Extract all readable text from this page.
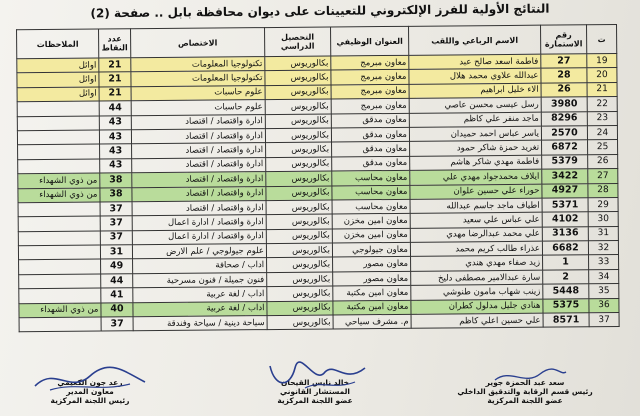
النتائج الأولية للفرز الإلكتروني للتعيينات على ديوان محافظة بابل .. صفحة (2)
ت	رقم الاستمارة	الاسم الرباعي واللقب	العنوان الوظيفي	التحصيل الدراسي	الاختصاص	عدد النقاط	الملاحظات
19	27	فاطمة اسعد صالح عبد	معاون مبرمج	بكالوريوس	تكنولوجيا المعلومات	21	اوائل
20	28	عبدالله علاوي محمد هلال	معاون مبرمج	بكالوريوس	تكنولوجيا المعلومات	21	اوائل
21	26	الاء خليل ابراهيم	معاون مبرمج	بكالوريوس	علوم حاسبات	21	اوائل
22	3980	رسل عيسى محسن عاصي	معاون مبرمج	بكالوريوس	علوم حاسبات	44	
23	8296	ماجد منفر علي كاظم	معاون مدقق	بكالوريوس	ادارة واقتصاد / اقتصاد	43	
24	2570	ياسر عباس احمد حميدان	معاون مدقق	بكالوريوس	ادارة واقتصاد / اقتصاد	43	
25	6872	تغريد حمزة شاكر حمود	معاون مدقق	بكالوريوس	ادارة واقتصاد / اقتصاد	43	
26	5379	فاطمة مهدي شاكر هاشم	معاون مدقق	بكالوريوس	ادارة واقتصاد / اقتصاد	43	
27	3422	ايلاف محمدجواد مهدي علي	معاون محاسب	بكالوريوس	ادارة واقتصاد / اقتصاد	38	من ذوي الشهداء
28	4927	حوراء علي حسين علوان	معاون محاسب	بكالوريوس	ادارة واقتصاد / اقتصاد	38	من ذوي الشهداء
29	5371	اطياف ماجد جاسم عبدالله	معاون محاسب	بكالوريوس	ادارة واقتصاد / اقتصاد	37	
30	4102	علي عباس علي سعيد	معاون امين مخزن	بكالوريوس	ادارة واقتصاد / ادارة اعمال	37	
31	3136	علي محمد عبدالرضا مهدي	معاون امين مخزن	بكالوريوس	ادارة واقتصاد / ادارة اعمال	37	
32	6682	عذراء طالب كريم محمد	معاون جيولوجي	بكالوريوس	علوم جيولوجي / علم الارض	31	
33	1	زيد صفاء مهدي هندي	معاون مصور	بكالوريوس	اداب / صحافة	49	
34	2	سارة عبدالامير مصطفى دليخ	معاون مصور	بكالوريوس	فنون جميلة / فنون مسرحية	44	
35	5448	زينب شهاب مامون طنوشي	معاون امين مكتبة	بكالوريوس	اداب / لغة عربية	41	
36	5375	هنادي جليل مدلول كطران	معاون امين مكتبة	بكالوريوس	اداب / لغة عربية	40	من ذوي الشهداء
37	8571	علي حسين اعلي كاظم	م. مشرف سياحي	بكالوريوس	سياحة دينية / سياحة وفندقة	37	
رعد جون الكعيمي
معاون المدير
رئيس اللجنة المركزية
خالد نايس القيحان
المستشار القانوني
عضو اللجنة المركزية
سعد عبد الحمزة جوير
رئيس قسم الرقابة والتدقيق الداخلي
عضو اللجنة المركزية
